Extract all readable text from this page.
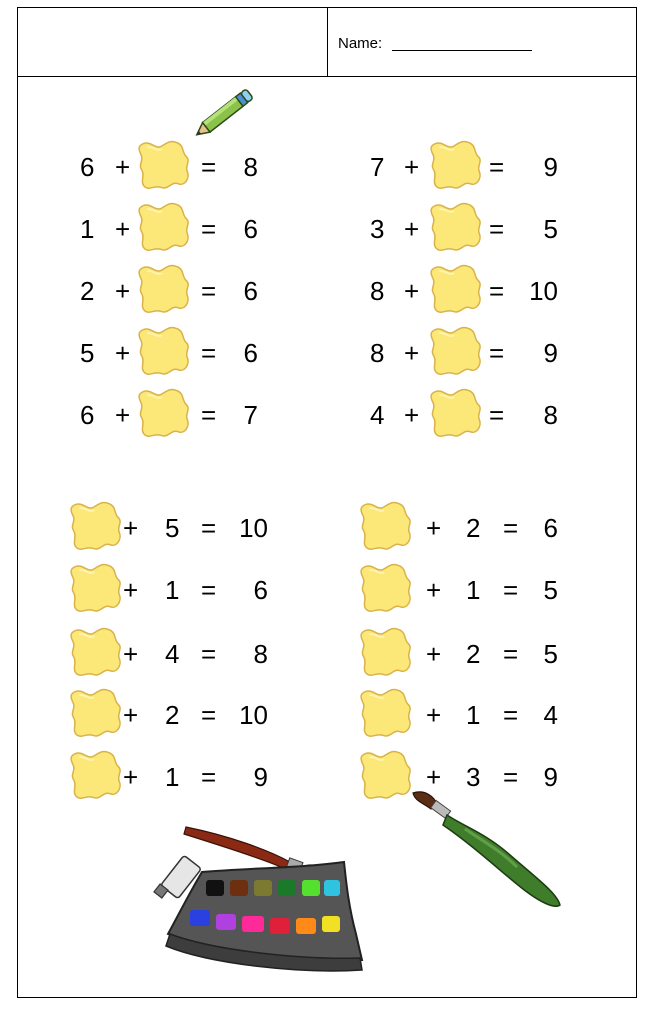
Name:
6 +	= 8
1 +	= 6
2 +	= 6
5 +	= 6
6 +	= 7
7 +	= 9
3 +	= 5
8 +	= 10
8 +	= 9
4 +	= 8
+ 5 = 10
+ 1 = 6
+ 4 = 8
+ 2 = 10
+ 1 = 9
+ 2 = 6
+ 1 = 5
+ 2 = 5
+ 1 = 4
+ 3 = 9
